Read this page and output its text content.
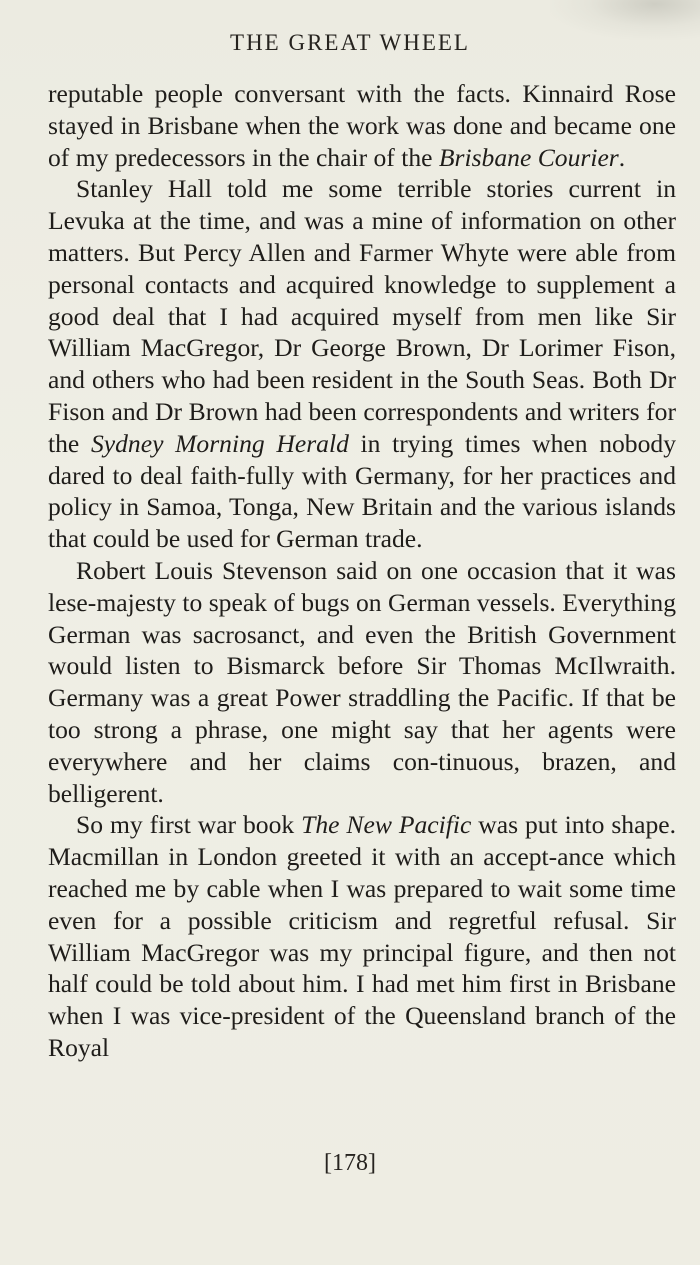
THE GREAT WHEEL

reputable people conversant with the facts. Kinnaird Rose stayed in Brisbane when the work was done and became one of my predecessors in the chair of the Brisbane Courier.

Stanley Hall told me some terrible stories current in Levuka at the time, and was a mine of information on other matters. But Percy Allen and Farmer Whyte were able from personal contacts and acquired knowledge to supplement a good deal that I had acquired myself from men like Sir William MacGregor, Dr George Brown, Dr Lorimer Fison, and others who had been resident in the South Seas. Both Dr Fison and Dr Brown had been correspondents and writers for the Sydney Morning Herald in trying times when nobody dared to deal faith-fully with Germany, for her practices and policy in Samoa, Tonga, New Britain and the various islands that could be used for German trade.

Robert Louis Stevenson said on one occasion that it was lese-majesty to speak of bugs on German vessels. Everything German was sacrosanct, and even the British Government would listen to Bismarck before Sir Thomas McIlwraith. Germany was a great Power straddling the Pacific. If that be too strong a phrase, one might say that her agents were everywhere and her claims con-tinuous, brazen, and belligerent.

So my first war book The New Pacific was put into shape. Macmillan in London greeted it with an accept-ance which reached me by cable when I was prepared to wait some time even for a possible criticism and regretful refusal. Sir William MacGregor was my principal figure, and then not half could be told about him. I had met him first in Brisbane when I was vice-president of the Queensland branch of the Royal

[178]
